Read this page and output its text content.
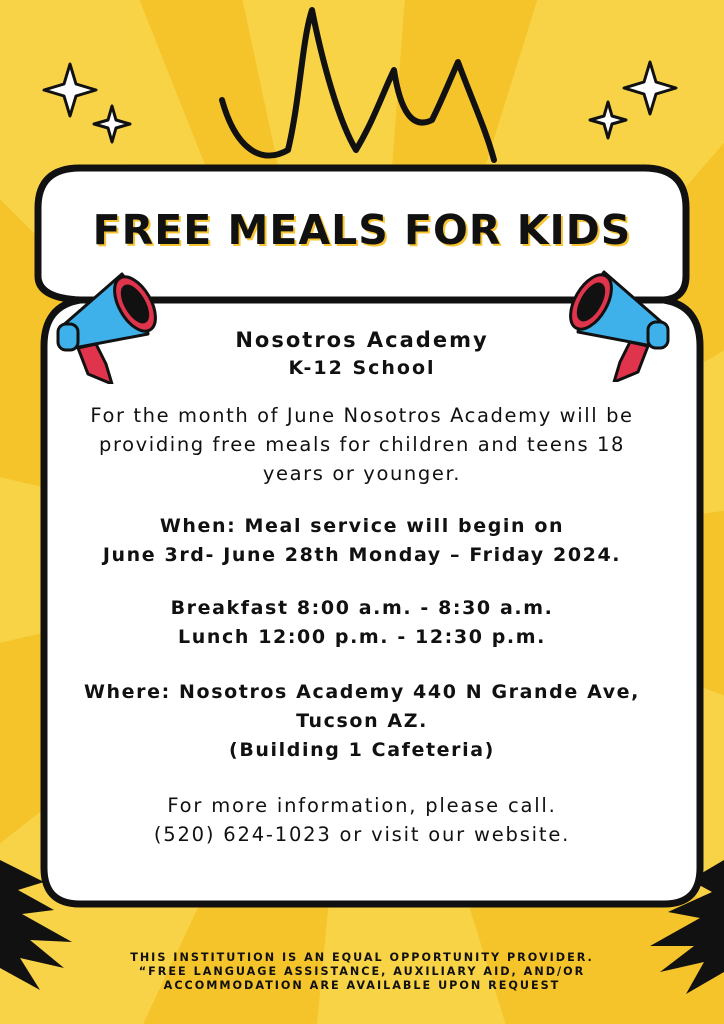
FREE MEALS FOR KIDS
Nosotros Academy
K-12 School
For the month of June Nosotros Academy will be
providing free meals for children and teens 18
years or younger.
When: Meal service will begin on
June 3rd- June 28th Monday – Friday 2024.
Breakfast 8:00 a.m. - 8:30 a.m.
Lunch 12:00 p.m. - 12:30 p.m.
Where: Nosotros Academy 440 N Grande Ave,
Tucson AZ.
(Building 1 Cafeteria)
For more information, please call.
(520) 624-1023 or visit our website.
THIS INSTITUTION IS AN EQUAL OPPORTUNITY PROVIDER.
“FREE LANGUAGE ASSISTANCE, AUXILIARY AID, AND/OR
ACCOMMODATION ARE AVAILABLE UPON REQUEST
